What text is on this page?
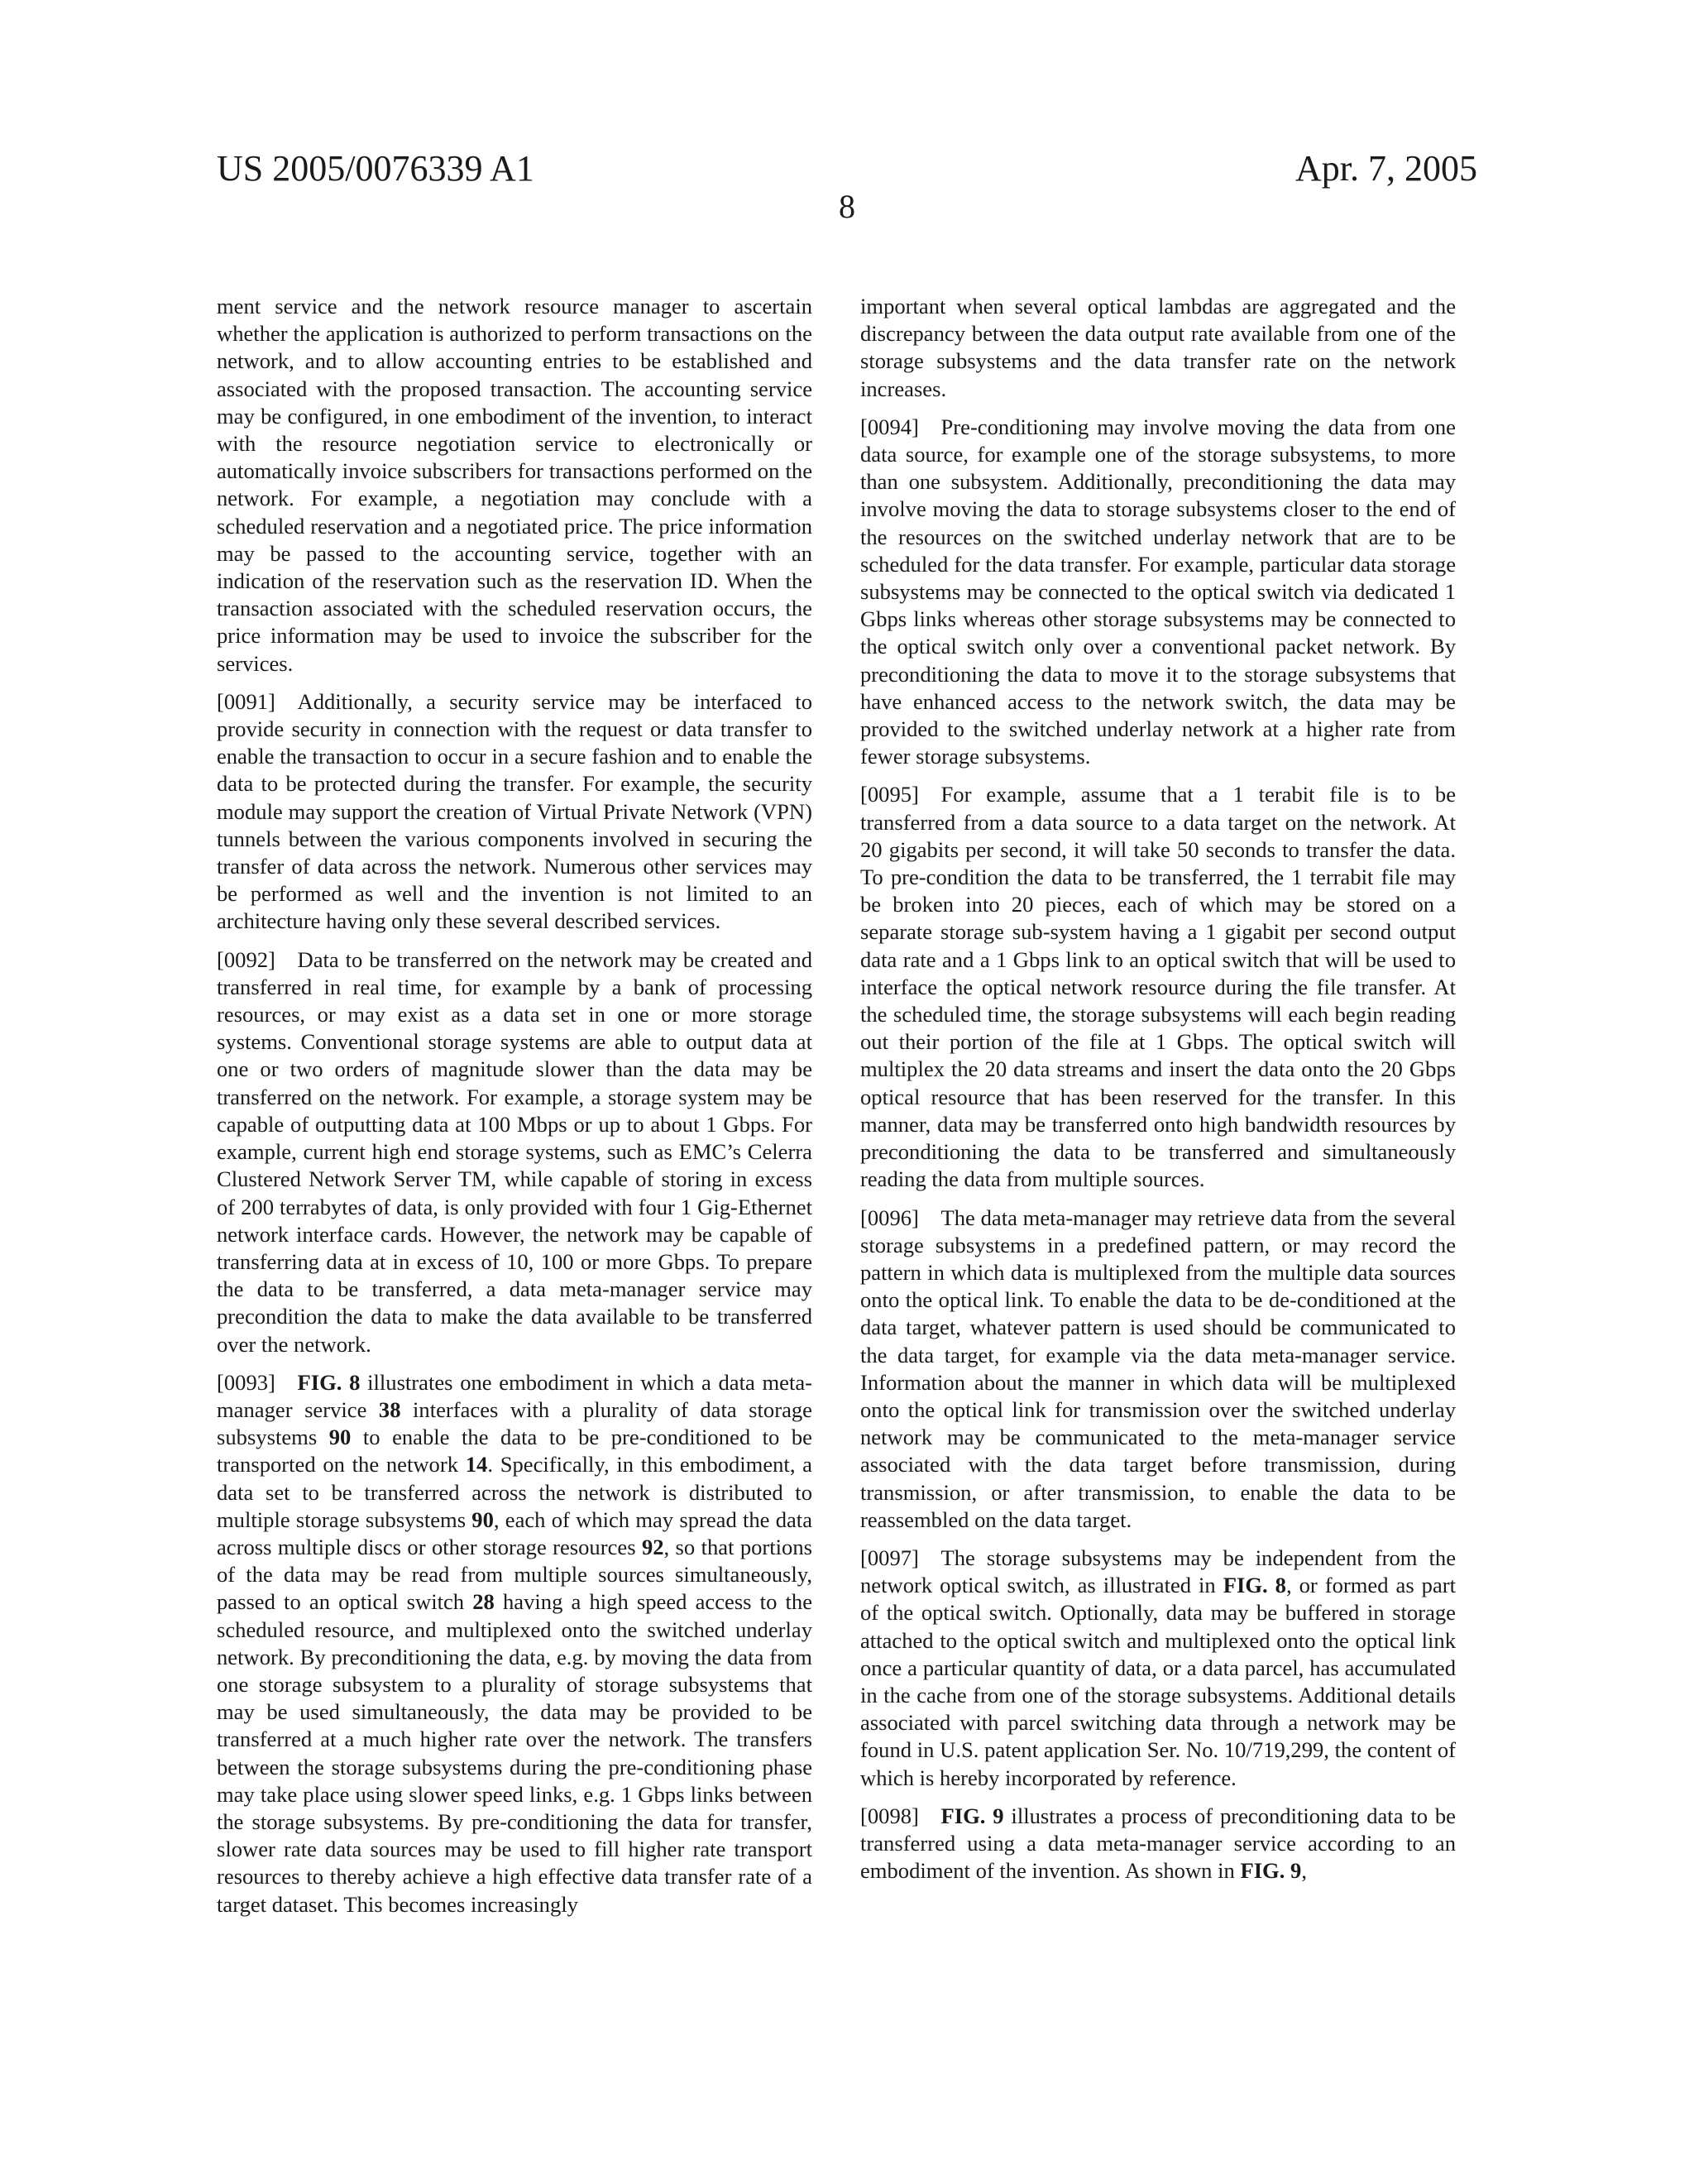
US 2005/0076339 A1	Apr. 7, 2005
8

ment service and the network resource manager to ascertain whether the application is authorized to perform transactions on the network, and to allow accounting entries to be established and associated with the proposed transaction. The accounting service may be configured, in one embodiment of the invention, to interact with the resource negotiation service to electronically or automatically invoice subscribers for transactions performed on the network. For example, a negotiation may conclude with a scheduled reservation and a negotiated price. The price information may be passed to the accounting service, together with an indication of the reservation such as the reservation ID. When the transaction associated with the scheduled reservation occurs, the price information may be used to invoice the subscriber for the services.

[0091]  Additionally, a security service may be interfaced to provide security in connection with the request or data transfer to enable the transaction to occur in a secure fashion and to enable the data to be protected during the transfer. For example, the security module may support the creation of Virtual Private Network (VPN) tunnels between the various components involved in securing the transfer of data across the network. Numerous other services may be performed as well and the invention is not limited to an architecture having only these several described services.

[0092]  Data to be transferred on the network may be created and transferred in real time, for example by a bank of processing resources, or may exist as a data set in one or more storage systems. Conventional storage systems are able to output data at one or two orders of magnitude slower than the data may be transferred on the network. For example, a storage system may be capable of outputting data at 100 Mbps or up to about 1 Gbps. For example, current high end storage systems, such as EMC’s Celerra Clustered Network Server TM, while capable of storing in excess of 200 terrabytes of data, is only provided with four 1 Gig-Ethernet network interface cards. However, the network may be capable of transferring data at in excess of 10, 100 or more Gbps. To prepare the data to be transferred, a data meta-manager service may precondition the data to make the data available to be transferred over the network.

[0093]  FIG. 8 illustrates one embodiment in which a data meta-manager service 38 interfaces with a plurality of data storage subsystems 90 to enable the data to be pre-conditioned to be transported on the network 14. Specifically, in this embodiment, a data set to be transferred across the network is distributed to multiple storage subsystems 90, each of which may spread the data across multiple discs or other storage resources 92, so that portions of the data may be read from multiple sources simultaneously, passed to an optical switch 28 having a high speed access to the scheduled resource, and multiplexed onto the switched underlay network. By preconditioning the data, e.g. by moving the data from one storage subsystem to a plurality of storage subsystems that may be used simultaneously, the data may be provided to be transferred at a much higher rate over the network. The transfers between the storage subsystems during the pre-conditioning phase may take place using slower speed links, e.g. 1 Gbps links between the storage subsystems. By pre-conditioning the data for transfer, slower rate data sources may be used to fill higher rate transport resources to thereby achieve a high effective data transfer rate of a target dataset. This becomes increasingly

important when several optical lambdas are aggregated and the discrepancy between the data output rate available from one of the storage subsystems and the data transfer rate on the network increases.

[0094]  Pre-conditioning may involve moving the data from one data source, for example one of the storage subsystems, to more than one subsystem. Additionally, preconditioning the data may involve moving the data to storage subsystems closer to the end of the resources on the switched underlay network that are to be scheduled for the data transfer. For example, particular data storage subsystems may be connected to the optical switch via dedicated 1 Gbps links whereas other storage subsystems may be connected to the optical switch only over a conventional packet network. By preconditioning the data to move it to the storage subsystems that have enhanced access to the network switch, the data may be provided to the switched underlay network at a higher rate from fewer storage subsystems.

[0095]  For example, assume that a 1 terabit file is to be transferred from a data source to a data target on the network. At 20 gigabits per second, it will take 50 seconds to transfer the data. To pre-condition the data to be transferred, the 1 terrabit file may be broken into 20 pieces, each of which may be stored on a separate storage sub-system having a 1 gigabit per second output data rate and a 1 Gbps link to an optical switch that will be used to interface the optical network resource during the file transfer. At the scheduled time, the storage subsystems will each begin reading out their portion of the file at 1 Gbps. The optical switch will multiplex the 20 data streams and insert the data onto the 20 Gbps optical resource that has been reserved for the transfer. In this manner, data may be transferred onto high bandwidth resources by preconditioning the data to be transferred and simultaneously reading the data from multiple sources.

[0096]  The data meta-manager may retrieve data from the several storage subsystems in a predefined pattern, or may record the pattern in which data is multiplexed from the multiple data sources onto the optical link. To enable the data to be de-conditioned at the data target, whatever pattern is used should be communicated to the data target, for example via the data meta-manager service. Information about the manner in which data will be multiplexed onto the optical link for transmission over the switched underlay network may be communicated to the meta-manager service associated with the data target before transmission, during transmission, or after transmission, to enable the data to be reassembled on the data target.

[0097]  The storage subsystems may be independent from the network optical switch, as illustrated in FIG. 8, or formed as part of the optical switch. Optionally, data may be buffered in storage attached to the optical switch and multiplexed onto the optical link once a particular quantity of data, or a data parcel, has accumulated in the cache from one of the storage subsystems. Additional details associated with parcel switching data through a network may be found in U.S. patent application Ser. No. 10/719,299, the content of which is hereby incorporated by reference.

[0098]  FIG. 9 illustrates a process of preconditioning data to be transferred using a data meta-manager service according to an embodiment of the invention. As shown in FIG. 9,
